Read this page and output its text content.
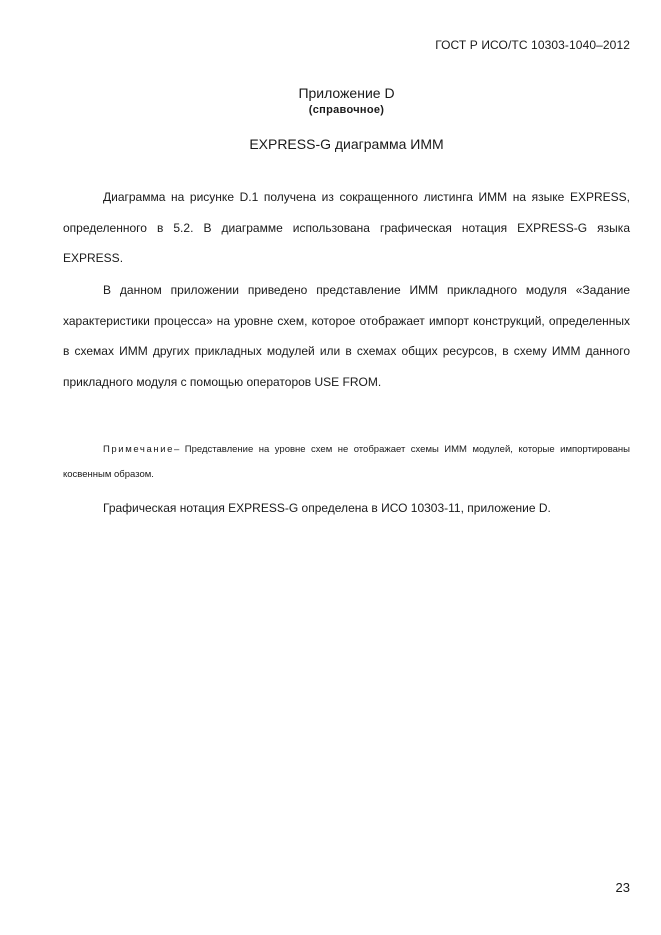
ГОСТ Р ИСО/ТС 10303-1040–2012
Приложение D
(справочное)
EXPRESS-G диаграмма ИММ

Диаграмма на рисунке D.1 получена из сокращенного листинга ИММ на языке EXPRESS, определенного в 5.2. В диаграмме использована графическая нотация EXPRESS-G языка EXPRESS.

В данном приложении приведено представление ИММ прикладного модуля «Задание характеристики процесса» на уровне схем, которое отображает импорт конструкций, определенных в схемах ИММ других прикладных модулей или в схемах общих ресурсов, в схему ИММ данного прикладного модуля с помощью операторов USE FROM.

Примечание– Представление на уровне схем не отображает схемы ИММ модулей, которые импортированы косвенным образом.

Графическая нотация EXPRESS-G определена в ИСО 10303-11, приложение D.

23
